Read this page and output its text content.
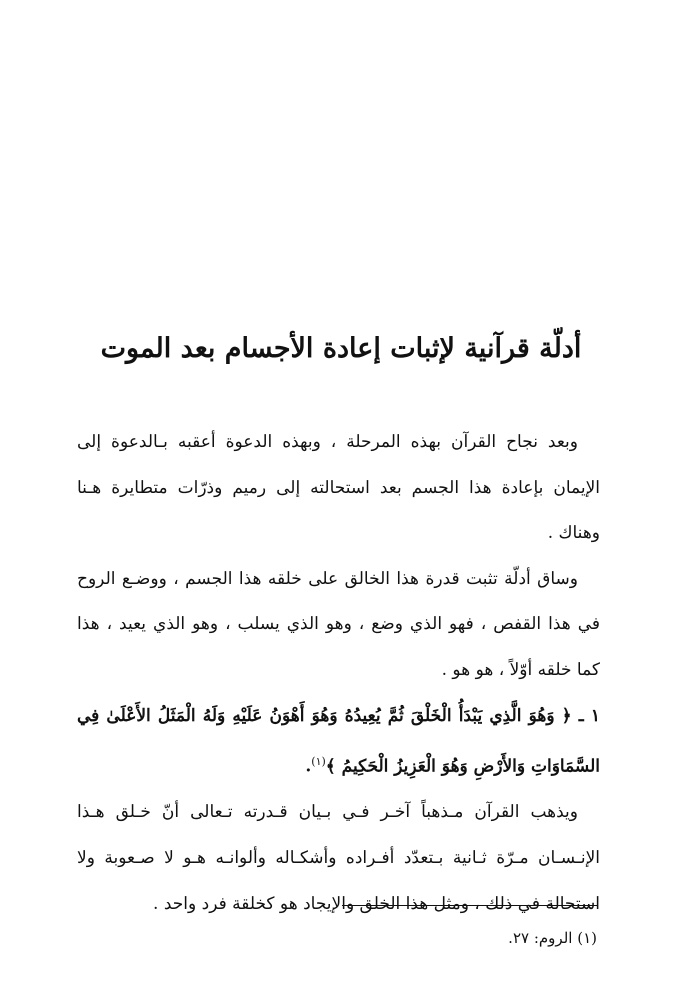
أدلّة قرآنية لإثبات إعادة الأجسام بعد الموت

وبعد نجاح القرآن بهذه المرحلة ، وبهذه الدعوة أعقبه بـالدعوة إلى الإيمان بإعادة هذا الجسم بعد استحالته إلى رميم وذرّات متطايرة هـنا وهناك .

وساق أدلّة تثبت قدرة هذا الخالق على خلقه هذا الجسم ، ووضـع الروح في هذا القفص ، فهو الذي وضع ، وهو الذي يسلب ، وهو الذي يعيد ، هذا كما خلقه أوّلاً ، هو هو .

١ ـ ﴿ وَهُوَ الَّذِي يَبْدَأُ الْخَلْقَ ثُمَّ يُعِيدُهُ وَهُوَ أَهْوَنُ عَلَيْهِ وَلَهُ الْمَثَلُ الأَعْلَىٰ فِي السَّمَاوَاتِ وَالأَرْضِ وَهُوَ الْعَزِيزُ الْحَكِيمُ ﴾$^{(١)}$.

ويذهب القرآن مـذهباً آخـر فـي بـيان قـدرته تـعالى أنّ خـلق هـذا الإنـسـان مـرّة ثـانية بـتعدّد أفـراده وأشكـاله وألوانـه هـو لا صـعوبة ولا استحالة في ذلك ، ومثل هذا الخلق والإيجاد هو كخلقة فرد واحد .

(١) الروم: ٢٧.
